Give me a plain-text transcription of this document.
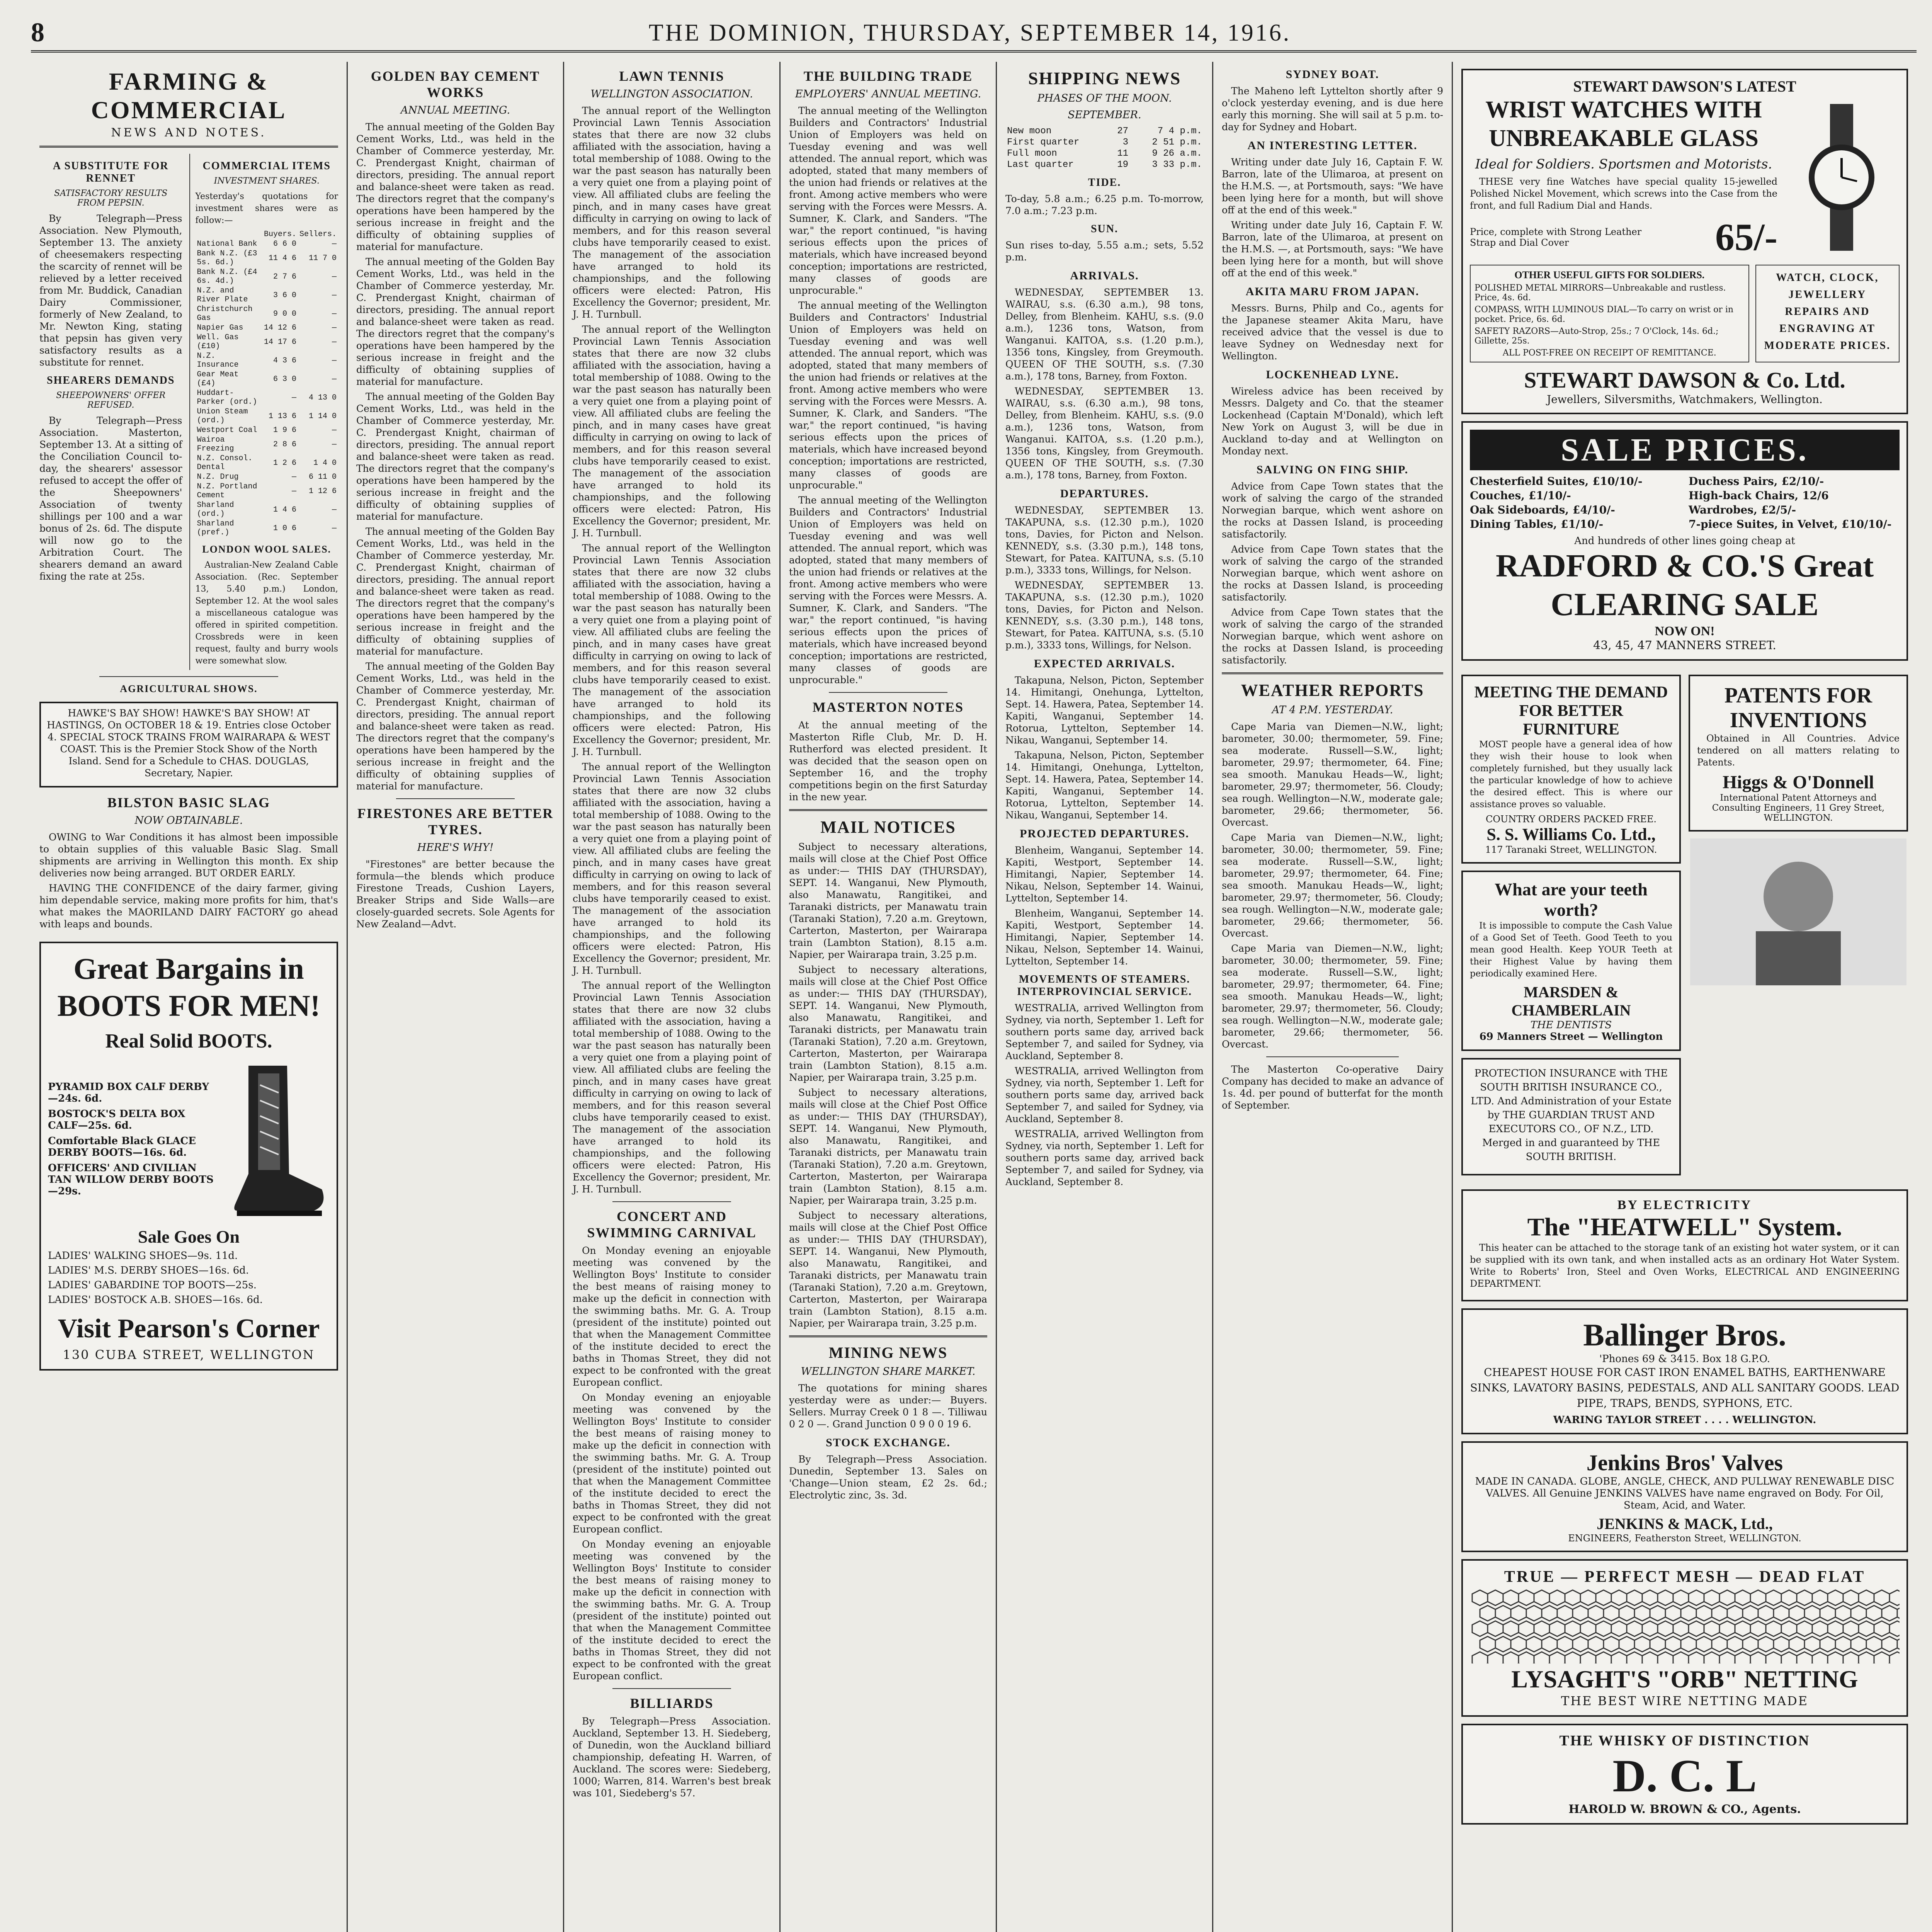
8	THE DOMINION, THURSDAY, SEPTEMBER 14, 1916.
FARMING & COMMERCIAL
NEWS AND NOTES.
A SUBSTITUTE FOR RENNET
SATISFACTORY RESULTS FROM PEPSIN.

By Telegraph—Press Association. New Plymouth, September 13. The anxiety of cheesemakers respecting the scarcity of rennet will be relieved by a letter received from Mr. Buddick, Canadian Dairy Commissioner, formerly of New Zealand, to Mr. Newton King, stating that pepsin has given very satisfactory results as a substitute for rennet.

SHEARERS DEMANDS
SHEEPOWNERS' OFFER REFUSED.

By Telegraph—Press Association. Masterton, September 13. At a sitting of the Conciliation Council to-day, the shearers' assessor refused to accept the offer of the Sheepowners' Association of twenty shillings per 100 and a war bonus of 2s. 6d. The dispute will now go to the Arbitration Court. The shearers demand an award fixing the rate at 25s.

COMMERCIAL ITEMS
INVESTMENT SHARES.

Yesterday's quotations for investment shares were as follow:—

	Buyers.	Sellers.
National Bank	6 6 0	—
Bank N.Z. (£3 5s. 6d.)	11 4 6	11 7 0
Bank N.Z. (£4 6s. 4d.)	2 7 6	—
N.Z. and River Plate	3 6 0	—
Christchurch Gas	9 0 0	—
Napier Gas	14 12 6	—
Well. Gas (£10)	14 17 6	—
N.Z. Insurance	4 3 6	—
Gear Meat (£4)	6 3 0	—
Huddart-Parker (ord.)	—	4 13 0
Union Steam (ord.)	1 13 6	1 14 0
Westport Coal	1 9 6	—
Wairoa Freezing	2 8 6	—
N.Z. Consol. Dental	1 2 6	1 4 0
N.Z. Drug	—	6 11 0
N.Z. Portland Cement	—	1 12 6
Sharland (ord.)	1 4 6	—
Sharland (pref.)	1 0 6	—
LONDON WOOL SALES.

Australian-New Zealand Cable Association. (Rec. September 13, 5.40 p.m.) London, September 12. At the wool sales a miscellaneous catalogue was offered in spirited competition. Crossbreds were in keen request, faulty and burry wools were somewhat slow.

AGRICULTURAL SHOWS.

HAWKE'S BAY SHOW! HAWKE'S BAY SHOW! AT HASTINGS, On OCTOBER 18 & 19. Entries close October 4. SPECIAL STOCK TRAINS FROM WAIRARAPA & WEST COAST. This is the Premier Stock Show of the North Island. Send for a Schedule to CHAS. DOUGLAS, Secretary, Napier.

BILSTON BASIC SLAG
NOW OBTAINABLE.

OWING to War Conditions it has almost been impossible to obtain supplies of this valuable Basic Slag. Small shipments are arriving in Wellington this month. Ex ship deliveries now being arranged. BUT ORDER EARLY.

HAVING THE CONFIDENCE of the dairy farmer, giving him dependable service, making more profits for him, that's what makes the MAORILAND DAIRY FACTORY go ahead with leaps and bounds.

Great Bargains in BOOTS FOR MEN!
Real Solid BOOTS.
PYRAMID BOX CALF DERBY—24s. 6d.
BOSTOCK'S DELTA BOX CALF—25s. 6d.
Comfortable Black GLACE DERBY BOOTS—16s. 6d.
OFFICERS' AND CIVILIAN TAN WILLOW DERBY BOOTS—29s.
Sale Goes On
LADIES' WALKING SHOES—9s. 11d.
LADIES' M.S. DERBY SHOES—16s. 6d.
LADIES' GABARDINE TOP BOOTS—25s.
LADIES' BOSTOCK A.B. SHOES—16s. 6d.
Visit Pearson's Corner
130 CUBA STREET, WELLINGTON
GOLDEN BAY CEMENT WORKS
ANNUAL MEETING.

The annual meeting of the Golden Bay Cement Works, Ltd., was held in the Chamber of Commerce yesterday, Mr. C. Prendergast Knight, chairman of directors, presiding. The annual report and balance-sheet were taken as read. The directors regret that the company's operations have been hampered by the serious increase in freight and the difficulty of obtaining supplies of material for manufacture.

The annual meeting of the Golden Bay Cement Works, Ltd., was held in the Chamber of Commerce yesterday, Mr. C. Prendergast Knight, chairman of directors, presiding. The annual report and balance-sheet were taken as read. The directors regret that the company's operations have been hampered by the serious increase in freight and the difficulty of obtaining supplies of material for manufacture.

The annual meeting of the Golden Bay Cement Works, Ltd., was held in the Chamber of Commerce yesterday, Mr. C. Prendergast Knight, chairman of directors, presiding. The annual report and balance-sheet were taken as read. The directors regret that the company's operations have been hampered by the serious increase in freight and the difficulty of obtaining supplies of material for manufacture.

The annual meeting of the Golden Bay Cement Works, Ltd., was held in the Chamber of Commerce yesterday, Mr. C. Prendergast Knight, chairman of directors, presiding. The annual report and balance-sheet were taken as read. The directors regret that the company's operations have been hampered by the serious increase in freight and the difficulty of obtaining supplies of material for manufacture.

The annual meeting of the Golden Bay Cement Works, Ltd., was held in the Chamber of Commerce yesterday, Mr. C. Prendergast Knight, chairman of directors, presiding. The annual report and balance-sheet were taken as read. The directors regret that the company's operations have been hampered by the serious increase in freight and the difficulty of obtaining supplies of material for manufacture.

FIRESTONES ARE BETTER TYRES.
HERE'S WHY!

"Firestones" are better because the formula—the blends which produce Firestone Treads, Cushion Layers, Breaker Strips and Side Walls—are closely-guarded secrets. Sole Agents for New Zealand—Advt.

LAWN TENNIS
WELLINGTON ASSOCIATION.

The annual report of the Wellington Provincial Lawn Tennis Association states that there are now 32 clubs affiliated with the association, having a total membership of 1088. Owing to the war the past season has naturally been a very quiet one from a playing point of view. All affiliated clubs are feeling the pinch, and in many cases have great difficulty in carrying on owing to lack of members, and for this reason several clubs have temporarily ceased to exist. The management of the association have arranged to hold its championships, and the following officers were elected: Patron, His Excellency the Governor; president, Mr. J. H. Turnbull.

The annual report of the Wellington Provincial Lawn Tennis Association states that there are now 32 clubs affiliated with the association, having a total membership of 1088. Owing to the war the past season has naturally been a very quiet one from a playing point of view. All affiliated clubs are feeling the pinch, and in many cases have great difficulty in carrying on owing to lack of members, and for this reason several clubs have temporarily ceased to exist. The management of the association have arranged to hold its championships, and the following officers were elected: Patron, His Excellency the Governor; president, Mr. J. H. Turnbull.

The annual report of the Wellington Provincial Lawn Tennis Association states that there are now 32 clubs affiliated with the association, having a total membership of 1088. Owing to the war the past season has naturally been a very quiet one from a playing point of view. All affiliated clubs are feeling the pinch, and in many cases have great difficulty in carrying on owing to lack of members, and for this reason several clubs have temporarily ceased to exist. The management of the association have arranged to hold its championships, and the following officers were elected: Patron, His Excellency the Governor; president, Mr. J. H. Turnbull.

The annual report of the Wellington Provincial Lawn Tennis Association states that there are now 32 clubs affiliated with the association, having a total membership of 1088. Owing to the war the past season has naturally been a very quiet one from a playing point of view. All affiliated clubs are feeling the pinch, and in many cases have great difficulty in carrying on owing to lack of members, and for this reason several clubs have temporarily ceased to exist. The management of the association have arranged to hold its championships, and the following officers were elected: Patron, His Excellency the Governor; president, Mr. J. H. Turnbull.

The annual report of the Wellington Provincial Lawn Tennis Association states that there are now 32 clubs affiliated with the association, having a total membership of 1088. Owing to the war the past season has naturally been a very quiet one from a playing point of view. All affiliated clubs are feeling the pinch, and in many cases have great difficulty in carrying on owing to lack of members, and for this reason several clubs have temporarily ceased to exist. The management of the association have arranged to hold its championships, and the following officers were elected: Patron, His Excellency the Governor; president, Mr. J. H. Turnbull.

CONCERT AND SWIMMING CARNIVAL

On Monday evening an enjoyable meeting was convened by the Wellington Boys' Institute to consider the best means of raising money to make up the deficit in connection with the swimming baths. Mr. G. A. Troup (president of the institute) pointed out that when the Management Committee of the institute decided to erect the baths in Thomas Street, they did not expect to be confronted with the great European conflict.

On Monday evening an enjoyable meeting was convened by the Wellington Boys' Institute to consider the best means of raising money to make up the deficit in connection with the swimming baths. Mr. G. A. Troup (president of the institute) pointed out that when the Management Committee of the institute decided to erect the baths in Thomas Street, they did not expect to be confronted with the great European conflict.

On Monday evening an enjoyable meeting was convened by the Wellington Boys' Institute to consider the best means of raising money to make up the deficit in connection with the swimming baths. Mr. G. A. Troup (president of the institute) pointed out that when the Management Committee of the institute decided to erect the baths in Thomas Street, they did not expect to be confronted with the great European conflict.

BILLIARDS

By Telegraph—Press Association. Auckland, September 13. H. Siedeberg, of Dunedin, won the Auckland billiard championship, defeating H. Warren, of Auckland. The scores were: Siedeberg, 1000; Warren, 814. Warren's best break was 101, Siedeberg's 57.

THE BUILDING TRADE
EMPLOYERS' ANNUAL MEETING.

The annual meeting of the Wellington Builders and Contractors' Industrial Union of Employers was held on Tuesday evening and was well attended. The annual report, which was adopted, stated that many members of the union had friends or relatives at the front. Among active members who were serving with the Forces were Messrs. A. Sumner, K. Clark, and Sanders. "The war," the report continued, "is having serious effects upon the prices of materials, which have increased beyond conception; importations are restricted, many classes of goods are unprocurable."

The annual meeting of the Wellington Builders and Contractors' Industrial Union of Employers was held on Tuesday evening and was well attended. The annual report, which was adopted, stated that many members of the union had friends or relatives at the front. Among active members who were serving with the Forces were Messrs. A. Sumner, K. Clark, and Sanders. "The war," the report continued, "is having serious effects upon the prices of materials, which have increased beyond conception; importations are restricted, many classes of goods are unprocurable."

The annual meeting of the Wellington Builders and Contractors' Industrial Union of Employers was held on Tuesday evening and was well attended. The annual report, which was adopted, stated that many members of the union had friends or relatives at the front. Among active members who were serving with the Forces were Messrs. A. Sumner, K. Clark, and Sanders. "The war," the report continued, "is having serious effects upon the prices of materials, which have increased beyond conception; importations are restricted, many classes of goods are unprocurable."

MASTERTON NOTES

At the annual meeting of the Masterton Rifle Club, Mr. D. H. Rutherford was elected president. It was decided that the season open on September 16, and the trophy competitions begin on the first Saturday in the new year.

MAIL NOTICES

Subject to necessary alterations, mails will close at the Chief Post Office as under:— THIS DAY (THURSDAY), SEPT. 14. Wanganui, New Plymouth, also Manawatu, Rangitikei, and Taranaki districts, per Manawatu train (Taranaki Station), 7.20 a.m. Greytown, Carterton, Masterton, per Wairarapa train (Lambton Station), 8.15 a.m. Napier, per Wairarapa train, 3.25 p.m.

Subject to necessary alterations, mails will close at the Chief Post Office as under:— THIS DAY (THURSDAY), SEPT. 14. Wanganui, New Plymouth, also Manawatu, Rangitikei, and Taranaki districts, per Manawatu train (Taranaki Station), 7.20 a.m. Greytown, Carterton, Masterton, per Wairarapa train (Lambton Station), 8.15 a.m. Napier, per Wairarapa train, 3.25 p.m.

Subject to necessary alterations, mails will close at the Chief Post Office as under:— THIS DAY (THURSDAY), SEPT. 14. Wanganui, New Plymouth, also Manawatu, Rangitikei, and Taranaki districts, per Manawatu train (Taranaki Station), 7.20 a.m. Greytown, Carterton, Masterton, per Wairarapa train (Lambton Station), 8.15 a.m. Napier, per Wairarapa train, 3.25 p.m.

Subject to necessary alterations, mails will close at the Chief Post Office as under:— THIS DAY (THURSDAY), SEPT. 14. Wanganui, New Plymouth, also Manawatu, Rangitikei, and Taranaki districts, per Manawatu train (Taranaki Station), 7.20 a.m. Greytown, Carterton, Masterton, per Wairarapa train (Lambton Station), 8.15 a.m. Napier, per Wairarapa train, 3.25 p.m.

MINING NEWS
WELLINGTON SHARE MARKET.

The quotations for mining shares yesterday were as under:— Buyers. Sellers. Murray Creek 0 1 8 —. Tilliwau 0 2 0 —. Grand Junction 0 9 0 0 19 6.

STOCK EXCHANGE.

By Telegraph—Press Association. Dunedin, September 13. Sales on 'Change—Union steam, £2 2s. 6d.; Electrolytic zinc, 3s. 3d.

SHIPPING NEWS
PHASES OF THE MOON.
SEPTEMBER.
New moon	27	7 4 p.m.
First quarter	3	2 51 p.m.
Full moon	11	9 26 a.m.
Last quarter	19	3 33 p.m.
TIDE.

To-day, 5.8 a.m.; 6.25 p.m. To-morrow, 7.0 a.m.; 7.23 p.m.

SUN.

Sun rises to-day, 5.55 a.m.; sets, 5.52 p.m.

ARRIVALS.

WEDNESDAY, SEPTEMBER 13. WAIRAU, s.s. (6.30 a.m.), 98 tons, Delley, from Blenheim. KAHU, s.s. (9.0 a.m.), 1236 tons, Watson, from Wanganui. KAITOA, s.s. (1.20 p.m.), 1356 tons, Kingsley, from Greymouth. QUEEN OF THE SOUTH, s.s. (7.30 a.m.), 178 tons, Barney, from Foxton.

WEDNESDAY, SEPTEMBER 13. WAIRAU, s.s. (6.30 a.m.), 98 tons, Delley, from Blenheim. KAHU, s.s. (9.0 a.m.), 1236 tons, Watson, from Wanganui. KAITOA, s.s. (1.20 p.m.), 1356 tons, Kingsley, from Greymouth. QUEEN OF THE SOUTH, s.s. (7.30 a.m.), 178 tons, Barney, from Foxton.

DEPARTURES.

WEDNESDAY, SEPTEMBER 13. TAKAPUNA, s.s. (12.30 p.m.), 1020 tons, Davies, for Picton and Nelson. KENNEDY, s.s. (3.30 p.m.), 148 tons, Stewart, for Patea. KAITUNA, s.s. (5.10 p.m.), 3333 tons, Willings, for Nelson.

WEDNESDAY, SEPTEMBER 13. TAKAPUNA, s.s. (12.30 p.m.), 1020 tons, Davies, for Picton and Nelson. KENNEDY, s.s. (3.30 p.m.), 148 tons, Stewart, for Patea. KAITUNA, s.s. (5.10 p.m.), 3333 tons, Willings, for Nelson.

EXPECTED ARRIVALS.

Takapuna, Nelson, Picton, September 14. Himitangi, Onehunga, Lyttelton, Sept. 14. Hawera, Patea, September 14. Kapiti, Wanganui, September 14. Rotorua, Lyttelton, September 14. Nikau, Wanganui, September 14.

Takapuna, Nelson, Picton, September 14. Himitangi, Onehunga, Lyttelton, Sept. 14. Hawera, Patea, September 14. Kapiti, Wanganui, September 14. Rotorua, Lyttelton, September 14. Nikau, Wanganui, September 14.

PROJECTED DEPARTURES.

Blenheim, Wanganui, September 14. Kapiti, Westport, September 14. Himitangi, Napier, September 14. Nikau, Nelson, September 14. Wainui, Lyttelton, September 14.

Blenheim, Wanganui, September 14. Kapiti, Westport, September 14. Himitangi, Napier, September 14. Nikau, Nelson, September 14. Wainui, Lyttelton, September 14.

MOVEMENTS OF STEAMERS. INTERPROVINCIAL SERVICE.

WESTRALIA, arrived Wellington from Sydney, via north, September 1. Left for southern ports same day, arrived back September 7, and sailed for Sydney, via Auckland, September 8.

WESTRALIA, arrived Wellington from Sydney, via north, September 1. Left for southern ports same day, arrived back September 7, and sailed for Sydney, via Auckland, September 8.

WESTRALIA, arrived Wellington from Sydney, via north, September 1. Left for southern ports same day, arrived back September 7, and sailed for Sydney, via Auckland, September 8.

SYDNEY BOAT.

The Maheno left Lyttelton shortly after 9 o'clock yesterday evening, and is due here early this morning. She will sail at 5 p.m. to-day for Sydney and Hobart.

AN INTERESTING LETTER.

Writing under date July 16, Captain F. W. Barron, late of the Ulimaroa, at present on the H.M.S. —, at Portsmouth, says: "We have been lying here for a month, but will shove off at the end of this week."

Writing under date July 16, Captain F. W. Barron, late of the Ulimaroa, at present on the H.M.S. —, at Portsmouth, says: "We have been lying here for a month, but will shove off at the end of this week."

AKITA MARU FROM JAPAN.

Messrs. Burns, Philp and Co., agents for the Japanese steamer Akita Maru, have received advice that the vessel is due to leave Sydney on Wednesday next for Wellington.

LOCKENHEAD LYNE.

Wireless advice has been received by Messrs. Dalgety and Co. that the steamer Lockenhead (Captain M'Donald), which left New York on August 3, will be due in Auckland to-day and at Wellington on Monday next.

SALVING ON FING SHIP.

Advice from Cape Town states that the work of salving the cargo of the stranded Norwegian barque, which went ashore on the rocks at Dassen Island, is proceeding satisfactorily.

Advice from Cape Town states that the work of salving the cargo of the stranded Norwegian barque, which went ashore on the rocks at Dassen Island, is proceeding satisfactorily.

Advice from Cape Town states that the work of salving the cargo of the stranded Norwegian barque, which went ashore on the rocks at Dassen Island, is proceeding satisfactorily.

WEATHER REPORTS
AT 4 P.M. YESTERDAY.

Cape Maria van Diemen—N.W., light; barometer, 30.00; thermometer, 59. Fine; sea moderate. Russell—S.W., light; barometer, 29.97; thermometer, 64. Fine; sea smooth. Manukau Heads—W., light; barometer, 29.97; thermometer, 56. Cloudy; sea rough. Wellington—N.W., moderate gale; barometer, 29.66; thermometer, 56. Overcast.

Cape Maria van Diemen—N.W., light; barometer, 30.00; thermometer, 59. Fine; sea moderate. Russell—S.W., light; barometer, 29.97; thermometer, 64. Fine; sea smooth. Manukau Heads—W., light; barometer, 29.97; thermometer, 56. Cloudy; sea rough. Wellington—N.W., moderate gale; barometer, 29.66; thermometer, 56. Overcast.

Cape Maria van Diemen—N.W., light; barometer, 30.00; thermometer, 59. Fine; sea moderate. Russell—S.W., light; barometer, 29.97; thermometer, 64. Fine; sea smooth. Manukau Heads—W., light; barometer, 29.97; thermometer, 56. Cloudy; sea rough. Wellington—N.W., moderate gale; barometer, 29.66; thermometer, 56. Overcast.

The Masterton Co-operative Dairy Company has decided to make an advance of 1s. 4d. per pound of butterfat for the month of September.

STEWART DAWSON'S LATEST
WRIST WATCHES WITH UNBREAKABLE GLASS
Ideal for Soldiers. Sportsmen and Motorists.

THESE very fine Watches have special quality 15-jewelled Polished Nickel Movement, which screws into the Case from the front, and full Radium Dial and Hands.

Price, complete with Strong Leather Strap and Dial Cover	65/-
OTHER USEFUL GIFTS FOR SOLDIERS.
POLISHED METAL MIRRORS—Unbreakable and rustless. Price, 4s. 6d.
COMPASS, WITH LUMINOUS DIAL—To carry on wrist or in pocket. Price, 6s. 6d.
SAFETY RAZORS—Auto-Strop, 25s.; 7 O'Clock, 14s. 6d.; Gillette, 25s.
ALL POST-FREE ON RECEIPT OF REMITTANCE.
WATCH, CLOCK, JEWELLERY REPAIRS AND ENGRAVING AT MODERATE PRICES.
STEWART DAWSON & Co. Ltd.
Jewellers, Silversmiths, Watchmakers, Wellington.
SALE PRICES.
Chesterfield Suites, £10/10/-	Duchess Pairs, £2/10/-
Couches, £1/10/-	High-back Chairs, 12/6
Oak Sideboards, £4/10/-	Wardrobes, £2/5/-
Dining Tables, £1/10/-	7-piece Suites, in Velvet, £10/10/-
And hundreds of other lines going cheap at
RADFORD & CO.'S Great CLEARING SALE
NOW ON!
43, 45, 47 MANNERS STREET.
MEETING THE DEMAND FOR BETTER FURNITURE

MOST people have a general idea of how they wish their house to look when completely furnished, but they usually lack the particular knowledge of how to achieve the desired effect. This is where our assistance proves so valuable.

COUNTRY ORDERS PACKED FREE.
S. S. Williams Co. Ltd.,
117 Taranaki Street, WELLINGTON.
What are your teeth worth?

It is impossible to compute the Cash Value of a Good Set of Teeth. Good Teeth to you mean good Health. Keep YOUR Teeth at their Highest Value by having them periodically examined Here.

MARSDEN & CHAMBERLAIN
THE DENTISTS
69 Manners Street — Wellington

PROTECTION INSURANCE with THE SOUTH BRITISH INSURANCE CO., LTD. And Administration of your Estate by THE GUARDIAN TRUST AND EXECUTORS CO., OF N.Z., LTD. Merged in and guaranteed by THE SOUTH BRITISH.

PATENTS FOR INVENTIONS

Obtained in All Countries. Advice tendered on all matters relating to Patents.

Higgs & O'Donnell
International Patent Attorneys and Consulting Engineers, 11 Grey Street, WELLINGTON.
BY ELECTRICITY
The "HEATWELL" System.

This heater can be attached to the storage tank of an existing hot water system, or it can be supplied with its own tank, and when installed acts as an ordinary Hot Water System. Write to Roberts' Iron, Steel and Oven Works, ELECTRICAL AND ENGINEERING DEPARTMENT.

Ballinger Bros.
'Phones 69 & 3415. Box 18 G.P.O.

CHEAPEST HOUSE FOR CAST IRON ENAMEL BATHS, EARTHENWARE SINKS, LAVATORY BASINS, PEDESTALS, AND ALL SANITARY GOODS. LEAD PIPE, TRAPS, BENDS, SYPHONS, ETC.

WARING TAYLOR STREET . . . . WELLINGTON.
Jenkins Bros' Valves

MADE IN CANADA. GLOBE, ANGLE, CHECK, AND PULLWAY RENEWABLE DISC VALVES. All Genuine JENKINS VALVES have name engraved on Body. For Oil, Steam, Acid, and Water.

JENKINS & MACK, Ltd.,
ENGINEERS, Featherston Street, WELLINGTON.
TRUE — PERFECT MESH — DEAD FLAT
LYSAGHT'S "ORB" NETTING
THE BEST WIRE NETTING MADE
THE WHISKY OF DISTINCTION
D. C. L
HAROLD W. BROWN & CO., Agents.
